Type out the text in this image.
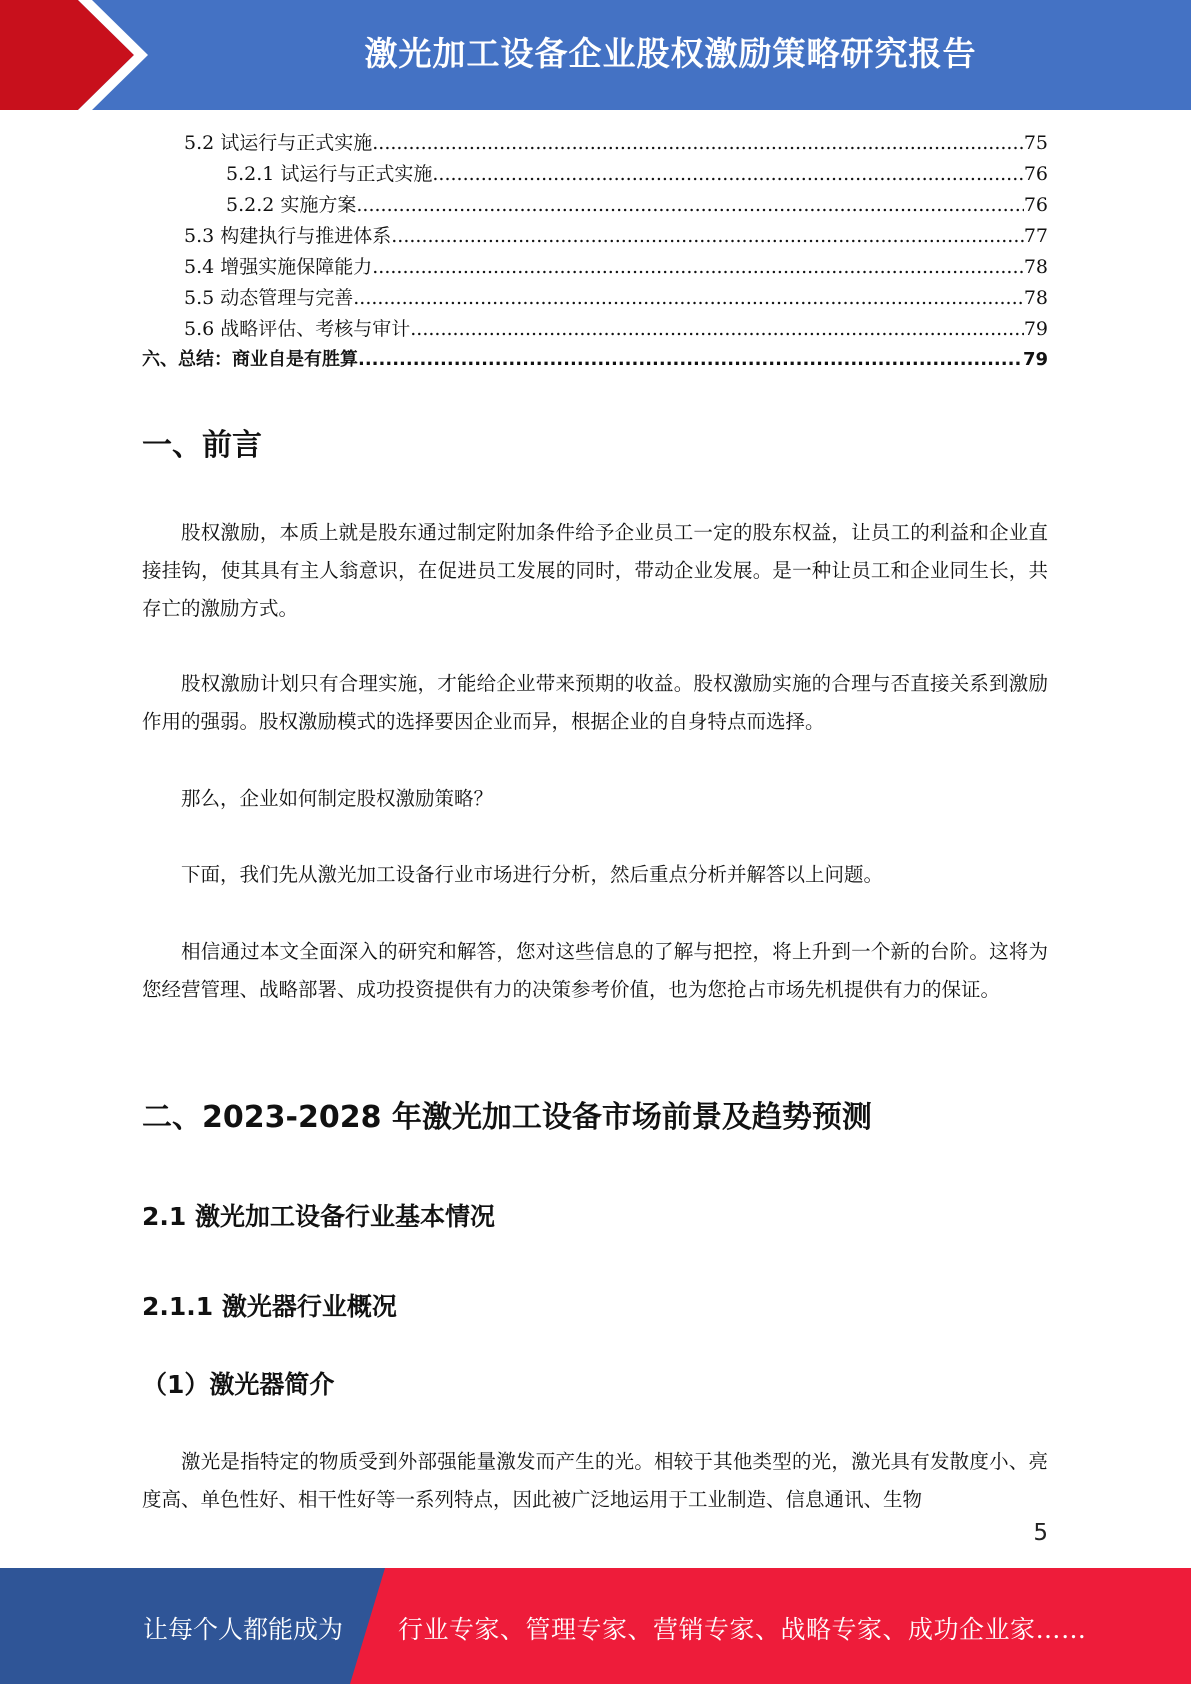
激光加工设备企业股权激励策略研究报告
5.2 试运行与正式实施 .....	75
5.2.1 试运行与正式实施 .....	76
5.2.2 实施方案 .....	76
5.3 构建执行与推进体系 .....	77
5.4 增强实施保障能力 .....	78
5.5 动态管理与完善 .....	78
5.6 战略评估、考核与审计 .....	79
六、总结：商业自是有胜算 .....	79
一、前言

股权激励，本质上就是股东通过制定附加条件给予企业员工一定的股东权益，让员工的利益和企业直接挂钩，使其具有主人翁意识，在促进员工发展的同时，带动企业发展。是一种让员工和企业同生长，共存亡的激励方式。

股权激励计划只有合理实施，才能给企业带来预期的收益。股权激励实施的合理与否直接关系到激励作用的强弱。股权激励模式的选择要因企业而异，根据企业的自身特点而选择。

那么，企业如何制定股权激励策略？

下面，我们先从激光加工设备行业市场进行分析，然后重点分析并解答以上问题。

相信通过本文全面深入的研究和解答，您对这些信息的了解与把控，将上升到一个新的台阶。这将为您经营管理、战略部署、成功投资提供有力的决策参考价值，也为您抢占市场先机提供有力的保证。

二、2023-2028 年激光加工设备市场前景及趋势预测
2.1 激光加工设备行业基本情况
2.1.1 激光器行业概况
（1）激光器简介

激光是指特定的物质受到外部强能量激发而产生的光。相较于其他类型的光，激光具有发散度小、亮度高、单色性好、相干性好等一系列特点，因此被广泛地运用于工业制造、信息通讯、生物

5
让每个人都能成为 行业专家、管理专家、营销专家、战略专家、成功企业家……
